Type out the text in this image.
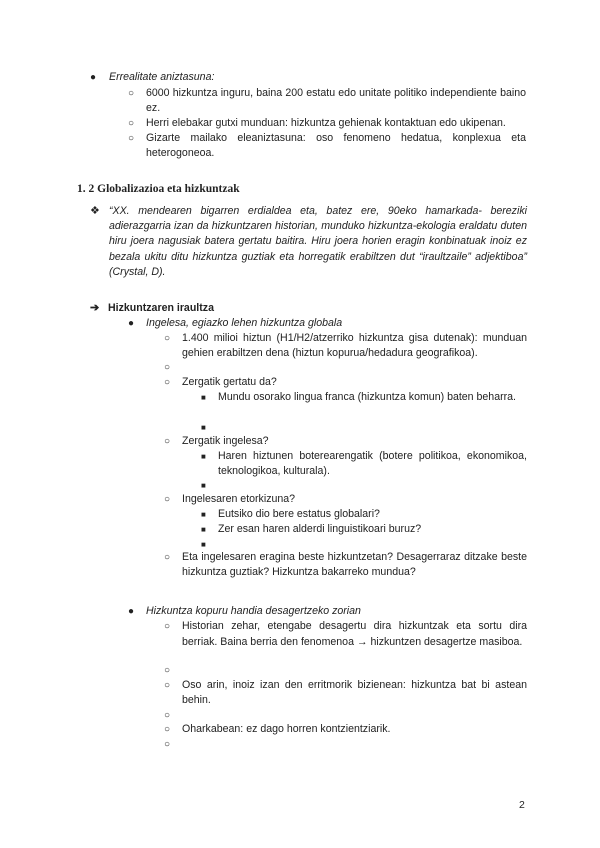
● Errealitate aniztasuna:
○ 6000 hizkuntza inguru, baina 200 estatu edo unitate politiko independiente baino ez.
○ Herri elebakar gutxi munduan: hizkuntza gehienak kontaktuan edo ukipenan.
○ Gizarte mailako eleaniztasuna: oso fenomeno hedatua, konplexua eta heterogoneoa.
1. 2 Globalizazioa eta hizkuntzak
❖ “XX. mendearen bigarren erdialdea eta, batez ere, 90eko hamarkada- bereziki adierazgarria izan da hizkuntzaren historian, munduko hizkuntza-ekologia eraldatu duten hiru joera nagusiak batera gertatu baitira. Hiru joera horien eragin konbinatuak inoiz ez bezala ukitu ditu hizkuntza guztiak eta horregatik erabiltzen dut “iraultzaile” adjektiboa” (Crystal, D).
➔ Hizkuntzaren iraultza
● Ingelesa, egiazko lehen hizkuntza globala
○ 1.400 milioi hiztun (H1/H2/atzerriko hizkuntza gisa dutenak): munduan gehien erabiltzen dena (hiztun kopurua/hedadura geografikoa).
○
○ Zergatik gertatu da?
■ Mundu osorako lingua franca (hizkuntza komun) baten beharra.
■
○ Zergatik ingelesa?
■ Haren hiztunen boterearengatik (botere politikoa, ekonomikoa, teknologikoa, kulturala).
■
○ Ingelesaren etorkizuna?
■ Eutsiko dio bere estatus globalari?
■ Zer esan haren alderdi linguistikoari buruz?
■
○ Eta ingelesaren eragina beste hizkuntzetan? Desagerraraz ditzake beste hizkuntza guztiak? Hizkuntza bakarreko mundua?
● Hizkuntza kopuru handia desagertzeko zorian
○ Historian zehar, etengabe desagertu dira hizkuntzak eta sortu dira berriak. Baina berria den fenomenoa → hizkuntzen desagertze masiboa.
○
○ Oso arin, inoiz izan den erritmorik bizienean: hizkuntza bat bi astean behin.
○
○ Oharkabean: ez dago horren kontzientziarik.
○
2
